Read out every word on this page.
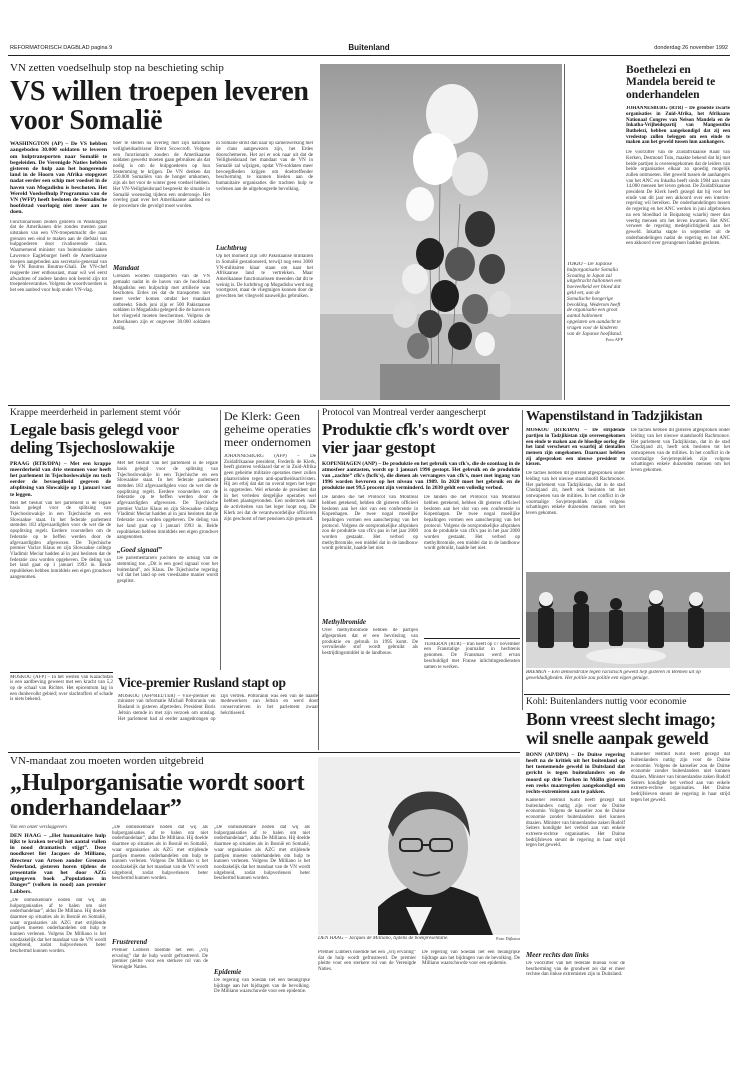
REFORMATORISCH DAGBLAD pagina 9	Buitenland	donderdag 26 november 1992
VN zetten voedselhulp stop na beschieting schip
VS willen troepen leveren voor Somalië
WASHINGTON (AP) – De VS hebben aangeboden 30.000 soldaten te leveren om hulptransporten naar Somalië te begeleiden. De Verenigde Naties hebben gisteren de hulp aan het hongerende land in de Hoorn van Afrika stopgezet nadat eerder een schip met voedsel in de haven van Mogadishu is beschoten. Het Wereld Voedselhulp Programma van de VN (WFP) heeft besloten de Somalische hoofdstad voorlopig niet meer aan te doen.
Functionarissen zeiden gisteren in Washington dat de Amerikanen drie zondes menten paar uitstaken van een VN-troepenmacht die naar grenzen een eind te maken aan de diefstal van hulpgoederen door rivaliserende clans. Waarnemend minister van buitenlandse zaken Lawrence Eagleburger heeft de Amerikaanse troepen aangeboden aan secretaris-generaal van de VN Boutros Boutros-Ghali. De VN-chef reageerde zeer enthousiast, maar wil wel eerst afwachten of andere landen ook bereid zijn tot troepenleveranties. Volgens de woordvoerders is het een aanbod voor hulp onder VN-vlag.
hoer te stellen na overleg met zijn nationale veiligheidsadviseur Brent Scowcroft. Volgens een functionaris zouden de Amerikaanse soldaten gewerkt moeten gaan gebruiken als dat nodig is om de hulpgoederen op hun bestemming te krijgen. De VN denken dat 250.000 Somaliërs van de honger omkomen, zijn als het voor de winter geen voedsel hebben. Het VN-Veiligheidsraad bespreekt de situatie in Somalië woensdag tijdens een onderonsje. Het overleg gaat over het Amerikaanse aanbod en de procedure die gevolgd moet worden.
Mandaat
Grenzen worden transporten van de VN gemaakt nadat in de haven van de hoofdstad Mogadishu een hulpschip met artillerie was beschoten. Erdes zei dat de transporten niet meer verder komen omdat het mandaat ontbreekt. Sinds juni zijn er 500 Pakistaanse soldaten in Mogadishu gelegerd die de haven en het vliegveld moeten beschermen. Volgens de Amerikanen zijn er ongeveer 30.000 soldaten nodig.
in Somalië strikt dan naar op samenwerking met de clans aangewezen zijn, het Erdes doorschemeren. Het zei er ook naar uit dat de Veiligheidsraad het mandaat van de VN in Somalië zal wijzigen, opdat VN-soldaten meer bevoegdheden krijgen om doeltreffender bescherming te kunnen bieden aan de humanitaire organisaties die trachten hulp te verlenen aan de uitgehongerde bevolking.
Luchtbrug
Op het moment zijn 500 Pakistaanse militairen in Somalië gestationeerd, terwijl nog eens 3000 VN-militairen klaar staan om naar het Afrikaanse land te vertrekken. Maar Amerikaanse functionarissen meenden dat dit te weinig is. De luchtbrug op Mogadishu werd nog voortgezet, maar de vliegtuigen kunnen door de gevechten het vliegveld nauwelijks gebruiken.
TOKIO – De Japanse hulporganisatie Somalia Scouting in Japan zal uitgebracht ballonnen een hoeveelheid eer bloed dat geld eet, aan de Somalische hongerige bevolking. Wederom heeft de organisatie een groot aantal ballonnen opgelaten om aandacht te vragen voor de kinderen van de Japanse hoofdstad.
Foto AFP
Boethelezi en Mandela bereid te onderhandelen
JOHANNESBURG (RTR) – De grootste zwarte organisaties in Zuid-Afrika, het Afrikaans Nationaal Congres van Nelson Mandela en de Inkatha-Vrijheidspartij van Mangosuthu Buthelezi, hebben aangekondigd dat zij een vredestop zullen beleggen om een einde te maken aan het geweld tussen hun aanhangers.
De voorzitter van de Zuidafrikaanse Raad van Kerken, Desmond Tutu, maakte bekend dat hij met beide partijen is overeengekomen dat de leiders van beide organisaties elkaar zo spoedig mogelijk zullen ontmoeten. Het geweld tussen de aanhangers van het ANC en Inkatha heeft sinds 1984 aan ruim 14.000 mensen het leven gekost. De Zuidafrikaanse president De Klerk heeft gezegd dat hij voor het einde van dit jaar een akkoord over een interim-regering wil bereiken. De onderhandelingen tussen de regering en het ANC werden in juni afgebroken na een bloedbad in Boipatong waarbij meer dan veertig mensen om het leven kwamen. Het ANC verweet de regering medeplichtigheid aan het geweld. Inkatha stapte in september uit de onderhandelingen nadat de regering en het ANC een akkoord over gevangenen hadden gesloten.
Krappe meerderheid in parlement stemt vóór
Legale basis gelegd voor deling Tsjechoslowakije
PRAAG (RTR/DPA) – Met een krappe meerderheid van drie stemmen voor heeft het parlement in Tsjechoslowakije nu toch eerder de bevoegdheid gegeven de afsplitsing van Slowakije op 1 januari vast te leggen.
Met het besluit van het parlement is de legale basis gelegd voor de splitsing van Tsjechoslowakije in een Tsjechische en een Slowaakse staat. In het federale parlement stemden 183 afgevaardigden voor de wet die de opsplitsing regelt. Eerdere voorstellen om de federatie op te heffen werden door de afgevaardigden afgewezen. De Tsjechische premier Vaclav Klaus en zijn Slowaakse collega Vladimir Meciar hadden al in juni besloten dat de federatie zou worden opgeheven. De deling van het land gaat op 1 januari 1993 in. Beide republieken hebben inmiddels een eigen grondwet aangenomen.
Met het besluit van het parlement is de legale basis gelegd voor de splitsing van Tsjechoslowakije in een Tsjechische en een Slowaakse staat. In het federale parlement stemden 183 afgevaardigden voor de wet die de opsplitsing regelt. Eerdere voorstellen om de federatie op te heffen werden door de afgevaardigden afgewezen. De Tsjechische premier Vaclav Klaus en zijn Slowaakse collega Vladimir Meciar hadden al in juni besloten dat de federatie zou worden opgeheven. De deling van het land gaat op 1 januari 1993 in. Beide republieken hebben inmiddels een eigen grondwet aangenomen.
„Goed signaal”
De parlementariërs juichten de uitslag van de stemming toe. „Dit is een goed signaal voor het buitenland”, zei Klaus. De Tsjechische regering wil dat het land op een vreedzame manier wordt gesplitst.
MOSKOU (AFP) – In het westen van Kazachstan is een aardbeving geweest met een kracht van 5,2 op de schaal van Richter. Het epicentrum lag in een dunbevolkt gebied; over slachtoffers of schade is niets bekend.
De Klerk: Geen geheime operaties meer ondernomen
JOHANNESBURG (AFP) – De Zuidafrikaanse president, Frederik de Klerk, heeft gisteren verklaard dat er in Zuid-Afrika geen geheime militaire operaties meer zullen plaatsvinden tegen anti-apartheidsactivisten. Hij zei erbij dat dat nu overal tegen het leger is opgetreden. Wel erkende de president dat in het verleden dergelijke operaties wel hebben plaatsgevonden. Een onderzoek naar de activiteiten van het leger loopt nog. De Klerk zei dat de verantwoordelijke officieren zijn geschorst of met pensioen zijn gestuurd.
Vice-premier Rusland stapt op
MOSKOU (AFP/REUTER) – Vice-premier en minister van informatie Michail Poltoranin van Rusland is gisteren afgetreden. President Boris Jeltsin stemde in met zijn verzoek om ontslag. Het parlement had al eerder aangedrongen op zijn vertrek. Poltoranin was een van de naaste medewerkers van Jeltsin en werd door conservatieven in het parlement zwaar bekritiseerd.
Protocol van Montreal verder aangescherpt
Produktie cfk's wordt over vier jaar gestopt
KOPENHAGEN (ANP) – De produktie en het gebruik van cfk's, die de ozonlaag in de atmosfeer aantasten, wordt op 1 januari 1996 gestopt. Het gebruik en de produktie van „zachte” cfk's (hcfk's), die dienen als vervangers van cfk's, moet met ingang van 1996 worden bevroren op het niveau van 1989. In 2020 moet het gebruik en de produktie met 99,5 procent zijn verminderd. In 2030 geldt een volledig verbod.
De landen die het Protocol van Montreal hebben getekend, hebben dit gisteren officieel besloten aan het slot van een conferentie in Kopenhagen. De twee nogal moeilijke bepalingen vormen een aanscherping van het protocol. Volgens de oorspronkelijke afspraken zou de produktie van cfk's pas in het jaar 2000 worden gestaakt. Het verbod op methylbromide, een middel dat in de landbouw wordt gebruikt, haalde het niet.
Methylbromide
Over methylbromide hebben de partijen afgesproken dat er een bevriezing van produktie en gebruik in 1995 komt. De vervuilende stof wordt gebruikt als bestrijdingsmiddel in de landbouw.
De landen die het Protocol van Montreal hebben getekend, hebben dit gisteren officieel besloten aan het slot van een conferentie in Kopenhagen. De twee nogal moeilijke bepalingen vormen een aanscherping van het protocol. Volgens de oorspronkelijke afspraken zou de produktie van cfk's pas in het jaar 2000 worden gestaakt. Het verbod op methylbromide, een middel dat in de landbouw wordt gebruikt, haalde het niet.
TEHERAN (RTR) – Iran heeft op 17 november een Franstalige journalist in hechtenis genomen. De Fransman werd ervan beschuldigd met Franse inlichtingendiensten samen te werken.
Wapenstilstand in Tadzjikistan
MOSKOU (RTR/DPA) – De strijdende partijen in Tadzjikistan zijn overeengekomen een einde te maken aan de bloedige oorlog die het land verscheurt en waarbij al tientallen mensen zijn omgekomen. Daarnaast hebben zij afgesproken een nieuwe president te kiezen.
De facties hebben dit gisteren afgesproken onder leiding van het nieuwe staatshoofd Rachmonov. Het parlement van Tadzjikistan, dat in de stad Chodzjand zit, heeft ook besloten tot het ontwapenen van de milities. In het conflict in de voormalige Sovjetrepubliek zijn volgens schattingen enkele duizenden mensen om het leven gekomen.
De facties hebben dit gisteren afgesproken onder leiding van het nieuwe staatshoofd Rachmonov. Het parlement van Tadzjikistan, dat in de stad Chodzjand zit, heeft ook besloten tot het ontwapenen van de milities. In het conflict in de voormalige Sovjetrepubliek zijn volgens schattingen enkele duizenden mensen om het leven gekomen.
BREMEN – Een demonstratie tegen racistisch geweld liep gisteren in Bremen uit op geweldadigheden. Het politie zou politie een eigen getuige.
Kohl: Buitenlanders nuttig voor economie
Bonn vreest slecht imago; wil snelle aanpak geweld
BONN (AP/DPA) – De Duitse regering heeft na de kritiek uit het buitenland op het toenemende geweld in Duitsland dat gericht is tegen buitenlanders en de moord op drie Turken in Mölln gisteren een reeks maatregelen aangekondigd om rechts-extremisten aan te pakken.
Kanselier Helmut Kohl heeft gezegd dat buitenlanders nuttig zijn voor de Duitse economie. Volgens de kanselier zou de Duitse economie zonder buitenlanders niet kunnen draaien. Minister van binnenlandse zaken Rudolf Seiters kondigde het verbod aan van enkele extreem-rechtse organisaties. Het Duitse bedrijfsleven steunt de regering in haar strijd tegen het geweld.
Meer rechts dan links
De voorzitter van het federale bureau voor de bescherming van de grondwet zei dat er meer rechtse dan linkse extremisten zijn in Duitsland.
Kanselier Helmut Kohl heeft gezegd dat buitenlanders nuttig zijn voor de Duitse economie. Volgens de kanselier zou de Duitse economie zonder buitenlanders niet kunnen draaien. Minister van binnenlandse zaken Rudolf Seiters kondigde het verbod aan van enkele extreem-rechtse organisaties. Het Duitse bedrijfsleven steunt de regering in haar strijd tegen het geweld.
VN-mandaat zou moeten worden uitgebreid
„Hulporganisatie wordt soort onderhandelaar”
Van een onzer verslaggevers
DEN HAAG – „Het humanitaire hulp lijkt te kraken terwijl het aantal vullen in nood dramatisch stijgt”. Deze noodkreet liet Jacques de Milliano, directeur van Artsen zonder Grenzen Nederland, gisteren horen tijdens de presentatie van het door AZG uitgegeven boek „Populations in Danger” (volken in nood) aan premier Lubbers.
„De onmiskenbare noden dat wij als hulporganisaties af te halen om niet onderhandelaar”, aldus De Milliano. Hij doelde daarmee op situaties als in Bosnië en Somalië, waar organisaties als AZG met strijdende partijen moeten onderhandelen om hulp te kunnen verlenen. Volgens De Milliano is het noodzakelijk dat het mandaat van de VN wordt uitgebreid, zodat hulpverleners beter beschermd kunnen worden.
„De onmiskenbare noden dat wij als hulporganisaties af te halen om niet onderhandelaar”, aldus De Milliano. Hij doelde daarmee op situaties als in Bosnië en Somalië, waar organisaties als AZG met strijdende partijen moeten onderhandelen om hulp te kunnen verlenen. Volgens De Milliano is het noodzakelijk dat het mandaat van de VN wordt uitgebreid, zodat hulpverleners beter beschermd kunnen worden.
Frustrerend
Premier Lubbers noemde het een „vrij ervaring” dat de hulp wordt gefrustreerd. De premier pleitte voor een sterkere rol van de Verenigde Naties.
„De onmiskenbare noden dat wij als hulporganisaties af te halen om niet onderhandelaar”, aldus De Milliano. Hij doelde daarmee op situaties als in Bosnië en Somalië, waar organisaties als AZG met strijdende partijen moeten onderhandelen om hulp te kunnen verlenen. Volgens De Milliano is het noodzakelijk dat het mandaat van de VN wordt uitgebreid, zodat hulpverleners beter beschermd kunnen worden.
Epidemie
De regering van Soedan liet een belangrijke bijdrage aan het bijdragen van de bevolking. De Milliano waarschuwde voor een epidemie.
DEN HAAG – Jacques de Milliano, tijdens de boekpresentatie.	Foto Dijkstra
Premier Lubbers noemde het een „vrij ervaring” dat de hulp wordt gefrustreerd. De premier pleitte voor een sterkere rol van de Verenigde Naties.
De regering van Soedan liet een belangrijke bijdrage aan het bijdragen van de bevolking. De Milliano waarschuwde voor een epidemie.
